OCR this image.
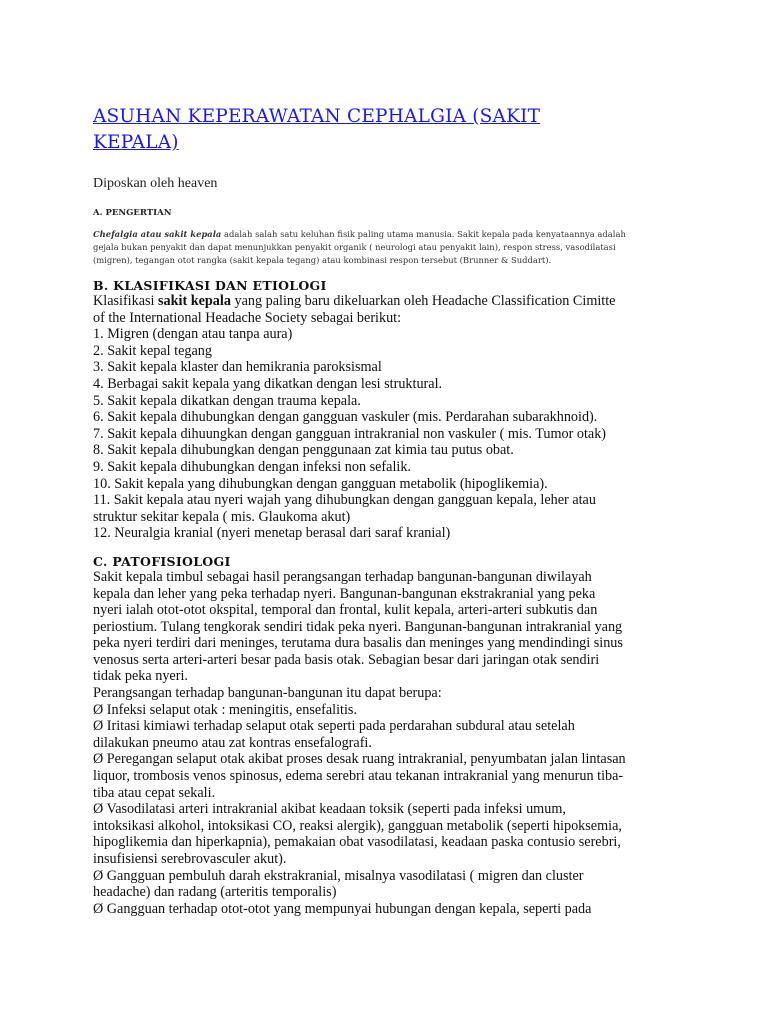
ASUHAN KEPERAWATAN CEPHALGIA (SAKIT
KEPALA)
Diposkan oleh heaven
A. PENGERTIAN
Chefalgia atau sakit kepala adalah salah satu keluhan fisik paling utama manusia. Sakit kepala pada kenyataannya adalah
gejala bukan penyakit dan dapat menunjukkan penyakit organik ( neurologi atau penyakit lain), respon stress, vasodilatasi
(migren), tegangan otot rangka (sakit kepala tegang) atau kombinasi respon tersebut (Brunner & Suddart).
B. KLASIFIKASI DAN ETIOLOGI
Klasifikasi sakit kepala yang paling baru dikeluarkan oleh Headache Classification Cimitte
of the International Headache Society sebagai berikut:
1. Migren (dengan atau tanpa aura)
2. Sakit kepal tegang
3. Sakit kepala klaster dan hemikrania paroksismal
4. Berbagai sakit kepala yang dikatkan dengan lesi struktural.
5. Sakit kepala dikatkan dengan trauma kepala.
6. Sakit kepala dihubungkan dengan gangguan vaskuler (mis. Perdarahan subarakhnoid).
7. Sakit kepala dihuungkan dengan gangguan intrakranial non vaskuler ( mis. Tumor otak)
8. Sakit kepala dihubungkan dengan penggunaan zat kimia tau putus obat.
9. Sakit kepala dihubungkan dengan infeksi non sefalik.
10. Sakit kepala yang dihubungkan dengan gangguan metabolik (hipoglikemia).
11. Sakit kepala atau nyeri wajah yang dihubungkan dengan gangguan kepala, leher atau
struktur sekitar kepala ( mis. Glaukoma akut)
12. Neuralgia kranial (nyeri menetap berasal dari saraf kranial)
C. PATOFISIOLOGI
Sakit kepala timbul sebagai hasil perangsangan terhadap bangunan-bangunan diwilayah
kepala dan leher yang peka terhadap nyeri. Bangunan-bangunan ekstrakranial yang peka
nyeri ialah otot-otot okspital, temporal dan frontal, kulit kepala, arteri-arteri subkutis dan
periostium. Tulang tengkorak sendiri tidak peka nyeri. Bangunan-bangunan intrakranial yang
peka nyeri terdiri dari meninges, terutama dura basalis dan meninges yang mendindingi sinus
venosus serta arteri-arteri besar pada basis otak. Sebagian besar dari jaringan otak sendiri
tidak peka nyeri.
Perangsangan terhadap bangunan-bangunan itu dapat berupa:
Ø Infeksi selaput otak : meningitis, ensefalitis.
Ø Iritasi kimiawi terhadap selaput otak seperti pada perdarahan subdural atau setelah
dilakukan pneumo atau zat kontras ensefalografi.
Ø Peregangan selaput otak akibat proses desak ruang intrakranial, penyumbatan jalan lintasan
liquor, trombosis venos spinosus, edema serebri atau tekanan intrakranial yang menurun tiba-
tiba atau cepat sekali.
Ø Vasodilatasi arteri intrakranial akibat keadaan toksik (seperti pada infeksi umum,
intoksikasi alkohol, intoksikasi CO, reaksi alergik), gangguan metabolik (seperti hipoksemia,
hipoglikemia dan hiperkapnia), pemakaian obat vasodilatasi, keadaan paska contusio serebri,
insufisiensi serebrovasculer akut).
Ø Gangguan pembuluh darah ekstrakranial, misalnya vasodilatasi ( migren dan cluster
headache) dan radang (arteritis temporalis)
Ø Gangguan terhadap otot-otot yang mempunyai hubungan dengan kepala, seperti pada
